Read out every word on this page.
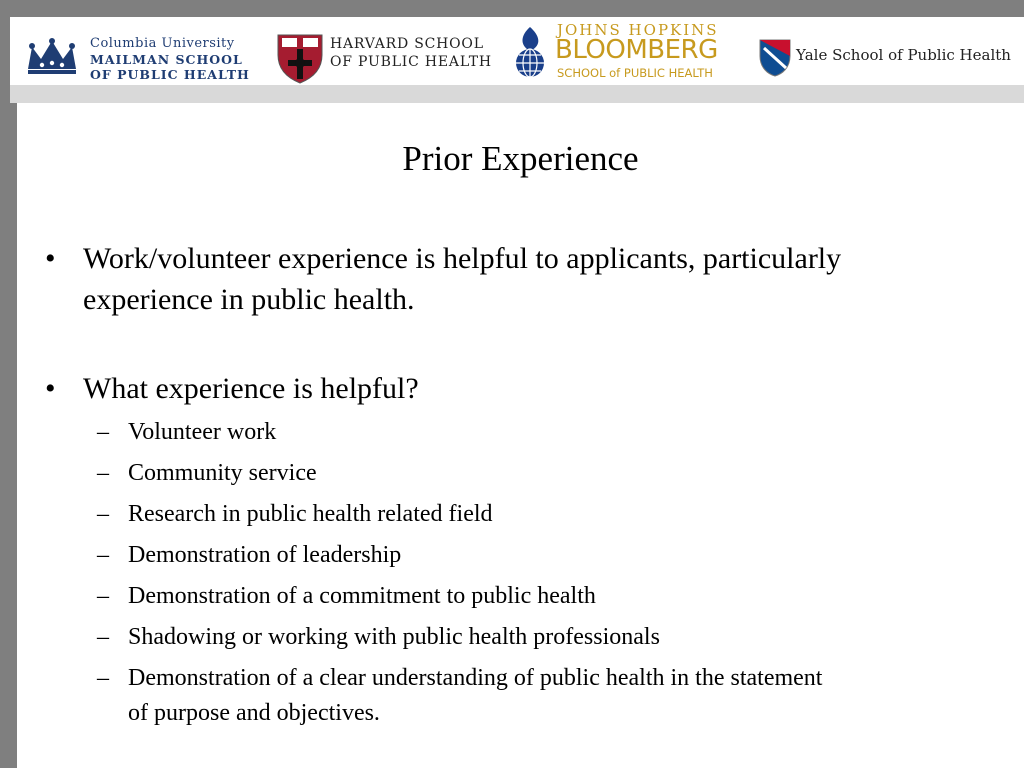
Columbia University
MAILMAN SCHOOL
OF PUBLIC HEALTH
HARVARD SCHOOL
OF PUBLIC HEALTH
JOHNS HOPKINS
BLOOMBERG
SCHOOL of PUBLIC HEALTH
Yale School of Public Health
Prior Experience
• Work/volunteer experience is helpful to applicants, particularly
experience in public health.
• What experience is helpful?
– Volunteer work
– Community service
– Research in public health related field
– Demonstration of leadership
– Demonstration of a commitment to public health
– Shadowing or working with public health professionals
– Demonstration of a clear understanding of public health in the statement
of purpose and objectives.
